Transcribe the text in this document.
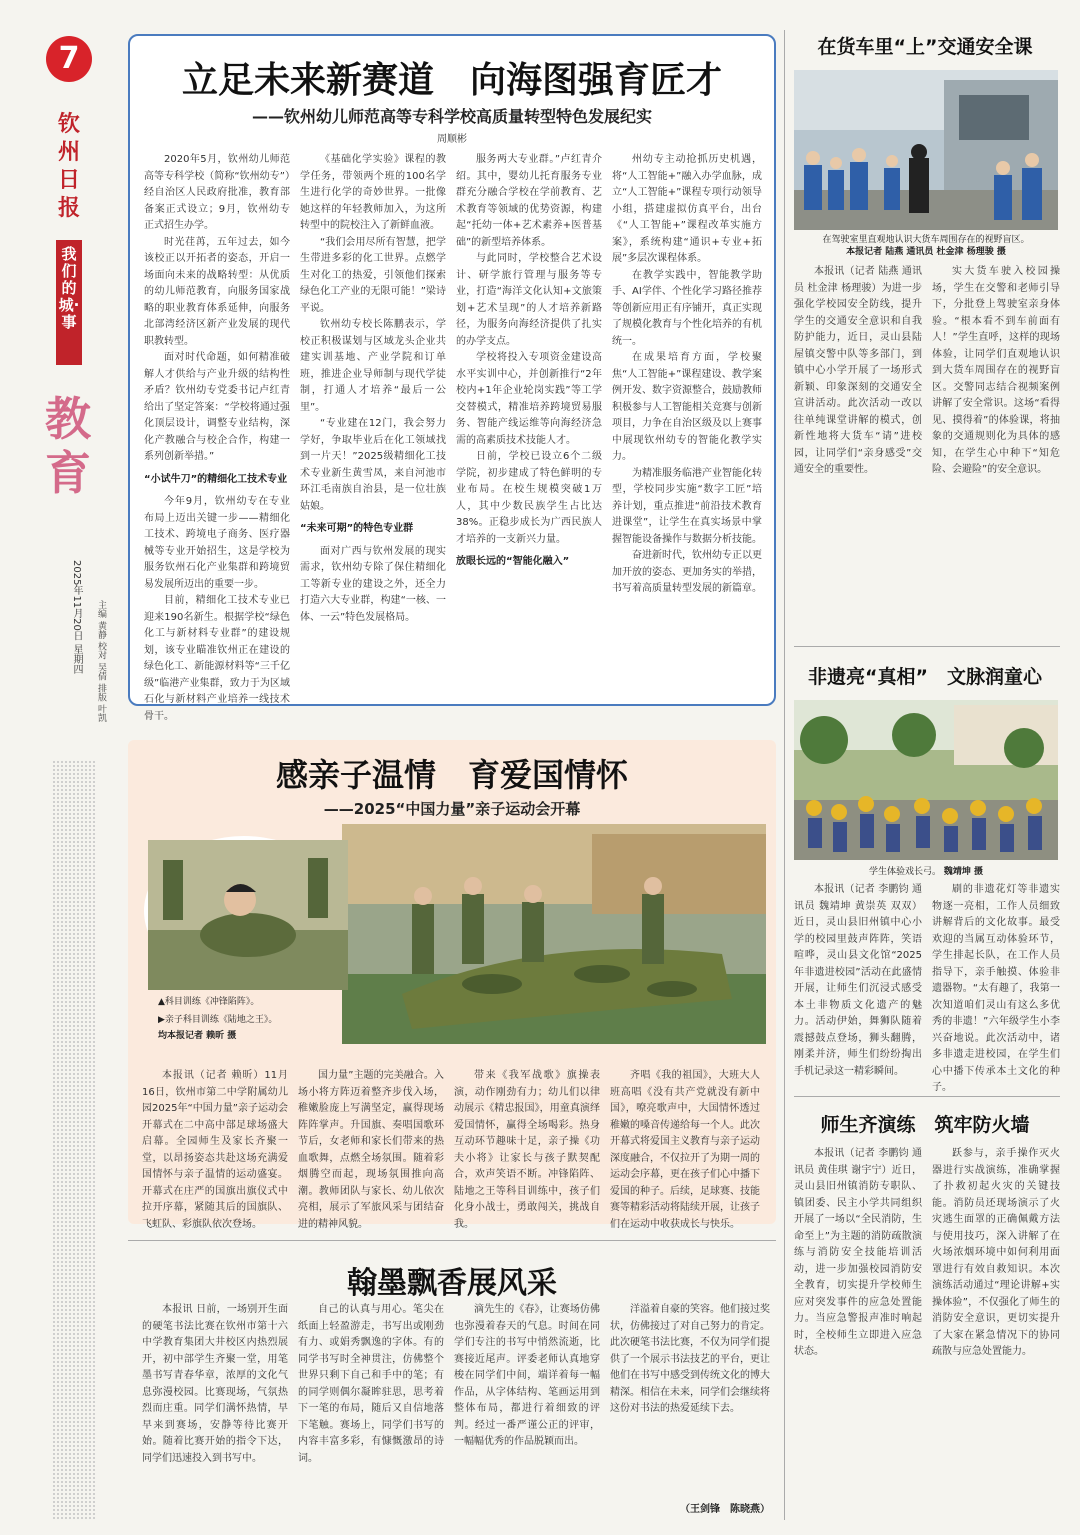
7
钦州日报
我们的城·事
教育
2025年11月20日 星期四	主编 黄静 校对 吴倩 排版 叶凯
立足未来新赛道　向海图强育匠才
——钦州幼儿师范高等专科学校高质量转型特色发展纪实
周顺彬

2020年5月，钦州幼儿师范高等专科学校（简称“钦州幼专”）经自治区人民政府批准，教育部备案正式设立；9月，钦州幼专正式招生办学。

时光荏苒，五年过去，如今该校正以开拓者的姿态，开启一场面向未来的战略转型：从优质的幼儿师范教育，向服务国家战略的职业教育体系延伸，向服务北部湾经济区新产业发展的现代职教转型。

面对时代命题，如何精准破解人才供给与产业升级的结构性矛盾？钦州幼专党委书记卢红青给出了坚定答案：“学校将通过强化顶层设计，调整专业结构，深化产教融合与校企合作，构建一系列创新举措。”

“小试牛刀”的精细化工技术专业

今年9月，钦州幼专在专业布局上迈出关键一步——精细化工技术、跨境电子商务、医疗器械等专业开始招生，这是学校为服务钦州石化产业集群和跨境贸易发展所迈出的重要一步。

目前，精细化工技术专业已迎来190名新生。根据学校“绿色化工与新材料专业群”的建设规划，该专业瞄准钦州正在建设的绿色化工、新能源材料等“三千亿级”临港产业集群，致力于为区域石化与新材料产业培养一线技术骨干。

《基础化学实验》课程的教学任务，带领两个班的100名学生进行化学的奇妙世界。一批像她这样的年轻教师加入，为这所转型中的院校注入了新鲜血液。

“我们会用尽所有智慧，把学生带进多彩的化工世界。点燃学生对化工的热爱，引领他们探索绿色化工产业的无限可能！”梁诗平说。

钦州幼专校长陈鹏表示，学校正积极谋划与区域龙头企业共建实训基地、产业学院和订单班，推进企业导师制与现代学徒制，打通人才培养“最后一公里”。

“专业建在12门，我会努力学好，争取毕业后在化工领域找到一片天！”2025级精细化工技术专业新生黄雪凤，来自河池市环江毛南族自治县，是一位壮族姑娘。

“未来可期”的特色专业群

面对广西与钦州发展的现实需求，钦州幼专除了保住精细化工等新专业的建设之外，还全力打造六大专业群，构建“一核、一体、一云”特色发展格局。

服务两大专业群。”卢红青介绍。其中，婴幼儿托育服务专业群充分融合学校在学前教育、艺术教育等领域的优势资源，构建起“托幼一体+艺术素养+医普基础”的新型培养体系。

与此同时，学校整合艺术设计、研学旅行管理与服务等专业，打造“海洋文化认知+文旅策划+艺术呈现”的人才培养新路径，为服务向海经济提供了扎实的办学支点。

学校将投入专项资金建设高水平实训中心，并创新推行“2年校内+1年企业轮岗实践”等工学交替模式，精准培养跨境贸易服务、智能产线运维等向海经济急需的高素质技术技能人才。

日前，学校已设立6个二级学院，初步建成了特色鲜明的专业布局。在校生规模突破1万人，其中少数民族学生占比达38%。正稳步成长为广西民族人才培养的一支新兴力量。

放眼长远的“智能化融入”

州幼专主动抢抓历史机遇，将“人工智能+”融入办学血脉，成立“人工智能+”课程专项行动领导小组，搭建虚拟仿真平台，出台《“人工智能+”课程改革实施方案》，系统构建“通识+专业+拓展”多层次课程体系。

在教学实践中，智能教学助手、AI学伴、个性化学习路径推荐等创新应用正有序铺开，真正实现了规模化教育与个性化培养的有机统一。

在成果培育方面，学校聚焦“人工智能+”课程建设、教学案例开发、数字资源整合，鼓励教师积极参与人工智能相关竞赛与创新项目，力争在自治区级及以上赛事中展现钦州幼专的智能化教学实力。

为精准服务临港产业智能化转型，学校同步实施“数字工匠”培养计划，重点推进“前沿技术教育进课堂”，让学生在真实场景中掌握智能设备操作与数据分析技能。

奋进新时代，钦州幼专正以更加开放的姿态、更加务实的举措，书写着高质量转型发展的新篇章。

在货车里“上”交通安全课
在驾驶室里直观地认识大货车周围存在的视野盲区。
本报记者 陆燕 通讯员 杜金津 杨理骏 摄
本报讯（记者 陆燕 通讯员 杜金津 杨理骏）为进一步强化学校园安全防线，提升学生的交通安全意识和自我防护能力，近日，灵山县陆屋镇交警中队等多部门，到镇中心小学开展了一场形式新颖、印象深刻的交通安全宣讲活动。此次活动一改以往单纯课堂讲解的模式，创新性地将大货车“请”进校园，让同学们“亲身感受”交通安全的重要性。
实大货车驶入校园操场，学生在交警和老师引导下，分批登上驾驶室亲身体验。“根本看不到车前面有人！”学生直呼，这样的现场体验，让同学们直观地认识到大货车周围存在的视野盲区。交警同志结合视频案例讲解了安全常识。这场“看得见、摸得着”的体验课，将抽象的交通规则化为具体的感知，在学生心中种下“知危险、会避险”的安全意识。
非遗亮“真相”　文脉润童心
学生体验戏长弓。 魏靖坤 摄
本报讯（记者 李鹏钧 通讯员 魏靖坤 黄崇英 双双）近日，灵山县旧州镇中心小学的校园里鼓声阵阵，笑语喧哗，灵山县文化馆“2025年非遗进校园”活动在此盛情开展，让师生们沉浸式感受本土非物质文化遗产的魅力。活动伊始，舞狮队随着震撼鼓点登场，狮头翻腾，刚柔并济，师生们纷纷掏出手机记录这一精彩瞬间。
刷的非遗花灯等非遗实物逐一亮相，工作人员细致讲解背后的文化故事。最受欢迎的当属互动体验环节，学生排起长队，在工作人员指导下，亲手触摸、体验非遗器物。“太有趣了，我第一次知道咱们灵山有这么多优秀的非遗！”六年级学生小李兴奋地说。此次活动中，诸多非遗走进校园，在学生们心中播下传承本土文化的种子。
师生齐演练　筑牢防火墙
本报讯（记者 李鹏钧 通讯员 黄佳琪 谢宇宁）近日，灵山县旧州镇消防专职队、镇团委、民主小学共同组织开展了一场以“全民消防，生命至上”为主题的消防疏散演练与消防安全技能培训活动，进一步加强校园消防安全教育，切实提升学校师生应对突发事件的应急处置能力。当应急警报声准时响起时，全校师生立即进入应急状态。
跃参与，亲手操作灭火器进行实战演练，准确掌握了扑救初起火灾的关键技能。消防员还现场演示了火灾逃生面罩的正确佩戴方法与使用技巧，深入讲解了在火场浓烟环境中如何利用面罩进行有效自救知识。本次演练活动通过“理论讲解+实操体验”，不仅强化了师生的消防安全意识，更切实提升了大家在紧急情况下的协同疏散与应急处置能力。
感亲子温情　育爱国情怀
——2025“中国力量”亲子运动会开幕
▲科目训练《冲锋陷阵》。
▶亲子科目训练《陆地之王》。
均本报记者 赖昕 摄
本报讯（记者 赖昕）11月16日，钦州市第二中学附属幼儿园2025年“中国力量”亲子运动会开幕式在二中高中部足球场盛大启幕。全园师生及家长齐聚一堂，以昂扬姿态共赴这场充满爱国情怀与亲子温情的运动盛宴。开幕式在庄严的国旗出旗仪式中拉开序幕，紧随其后的国旗队、飞虹队、彩旗队依次登场。
国力量”主题的完美融合。入场小将方阵迈着整齐步伐入场，稚嫩脸庞上写满坚定，赢得现场阵阵掌声。升国旗、奏唱国歌环节后，女老师和家长们带来的热血歌舞，点燃全场氛围。随着彩烟腾空而起，现场氛围推向高潮。教师团队与家长、幼儿依次亮相，展示了军旅风采与团结奋进的精神风貌。
带来《我军战歌》旗操表演，动作刚劲有力；幼儿们以律动展示《精忠报国》，用童真演绎爱国情怀，赢得全场喝彩。热身互动环节趣味十足，亲子操《功夫小将》让家长与孩子默契配合，欢声笑语不断。冲锋陷阵、陆地之王等科目训练中，孩子们化身小战士，勇敢闯关，挑战自我。
齐唱《我的祖国》，大班大人班高唱《没有共产党就没有新中国》，嘹亮歌声中，大国情怀透过稚嫩的嗓音传递给每一个人。此次开幕式将爱国主义教育与亲子运动深度融合，不仅拉开了为期一周的运动会序幕，更在孩子们心中播下爱国的种子。后续，足球赛、技能赛等精彩活动将陆续开展，让孩子们在运动中收获成长与快乐。
翰墨飘香展风采
本报讯 日前，一场别开生面的硬笔书法比赛在钦州市第十六中学教育集团大井校区内热烈展开，初中部学生齐聚一堂，用笔墨书写青春华章，浓厚的文化气息弥漫校园。比赛现场，气氛热烈而庄重。同学们满怀热情，早早来到赛场，安静等待比赛开始。随着比赛开始的指令下达，同学们迅速投入到书写中。
自己的认真与用心。笔尖在纸面上轻盈游走，书写出或刚劲有力、或娟秀飘逸的字体。有的同学书写时全神贯注，仿佛整个世界只剩下自己和手中的笔；有的同学则偶尔凝眸驻思，思考着下一笔的布局，随后又自信地落下笔触。赛场上，同学们书写的内容丰富多彩，有慷慨激昂的诗词。
滴先生的《春》，让赛场仿佛也弥漫着春天的气息。时间在同学们专注的书写中悄然流逝，比赛接近尾声。评委老师认真地穿梭在同学们中间，端详着每一幅作品，从字体结构、笔画运用到整体布局，都进行着细致的评判。经过一番严谨公正的评审，一幅幅优秀的作品脱颖而出。
洋溢着自豪的笑容。他们接过奖状，仿佛接过了对自己努力的肯定。此次硬笔书法比赛，不仅为同学们提供了一个展示书法技艺的平台，更让他们在书写中感受到传统文化的博大精深。相信在未来，同学们会继续将这份对书法的热爱延续下去。
（王剑锋　陈晓燕）
